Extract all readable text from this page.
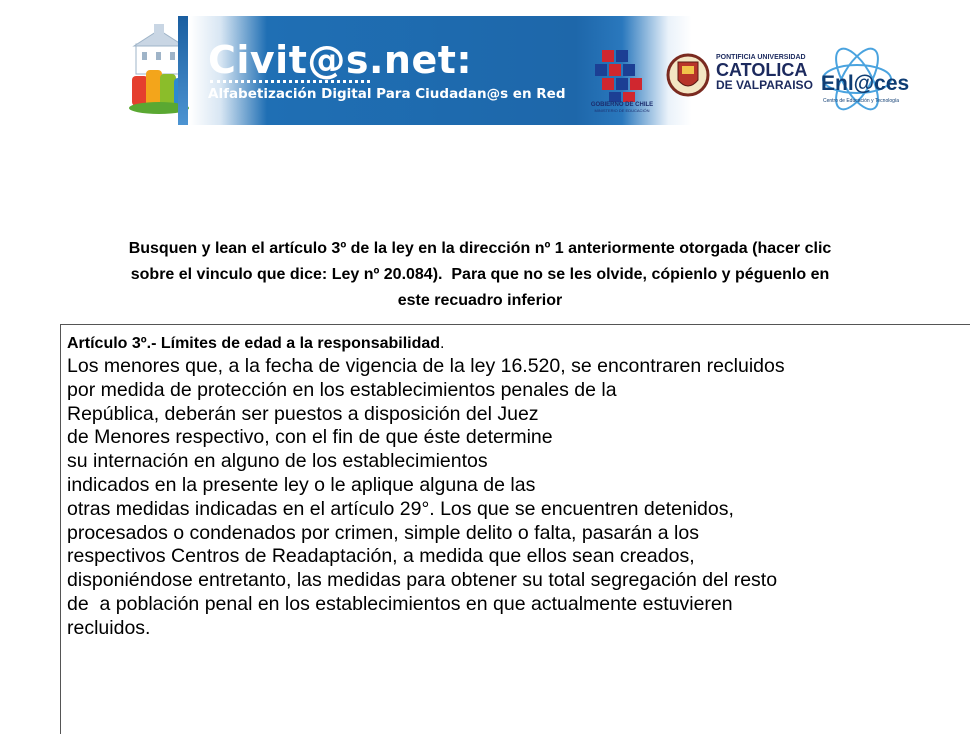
Civit@s.net:
Alfabetización Digital Para Ciudadan@s en Red
GOBIERNO DE CHILE
MINISTERIO DE EDUCACIÓN
PONTIFICIA UNIVERSIDAD
CATOLICA
DE VALPARAISO Enl@ces
Centro de Educación y Tecnología
Busquen y lean el artículo 3º de la ley en la dirección nº 1 anteriormente otorgada (hacer clic
sobre el vinculo que dice: Ley nº 20.084).  Para que no se les olvide, cópienlo y péguenlo en
este recuadro inferior

Artículo 3º.- Límites de edad a la responsabilidad.

Los menores que, a la fecha de vigencia de la ley 16.520, se encontraren recluidos

por medida de protección en los establecimientos penales de la

República, deberán ser puestos a disposición del Juez

de Menores respectivo, con el fin de que éste determine

su internación en alguno de los establecimientos

indicados en la presente ley o le aplique alguna de las

otras medidas indicadas en el artículo 29°. Los que se encuentren detenidos,

procesados o condenados por crimen, simple delito o falta, pasarán a los

respectivos Centros de Readaptación, a medida que ellos sean creados,

disponiéndose entretanto, las medidas para obtener su total segregación del resto

de  a población penal en los establecimientos en que actualmente estuvieren

recluidos.
